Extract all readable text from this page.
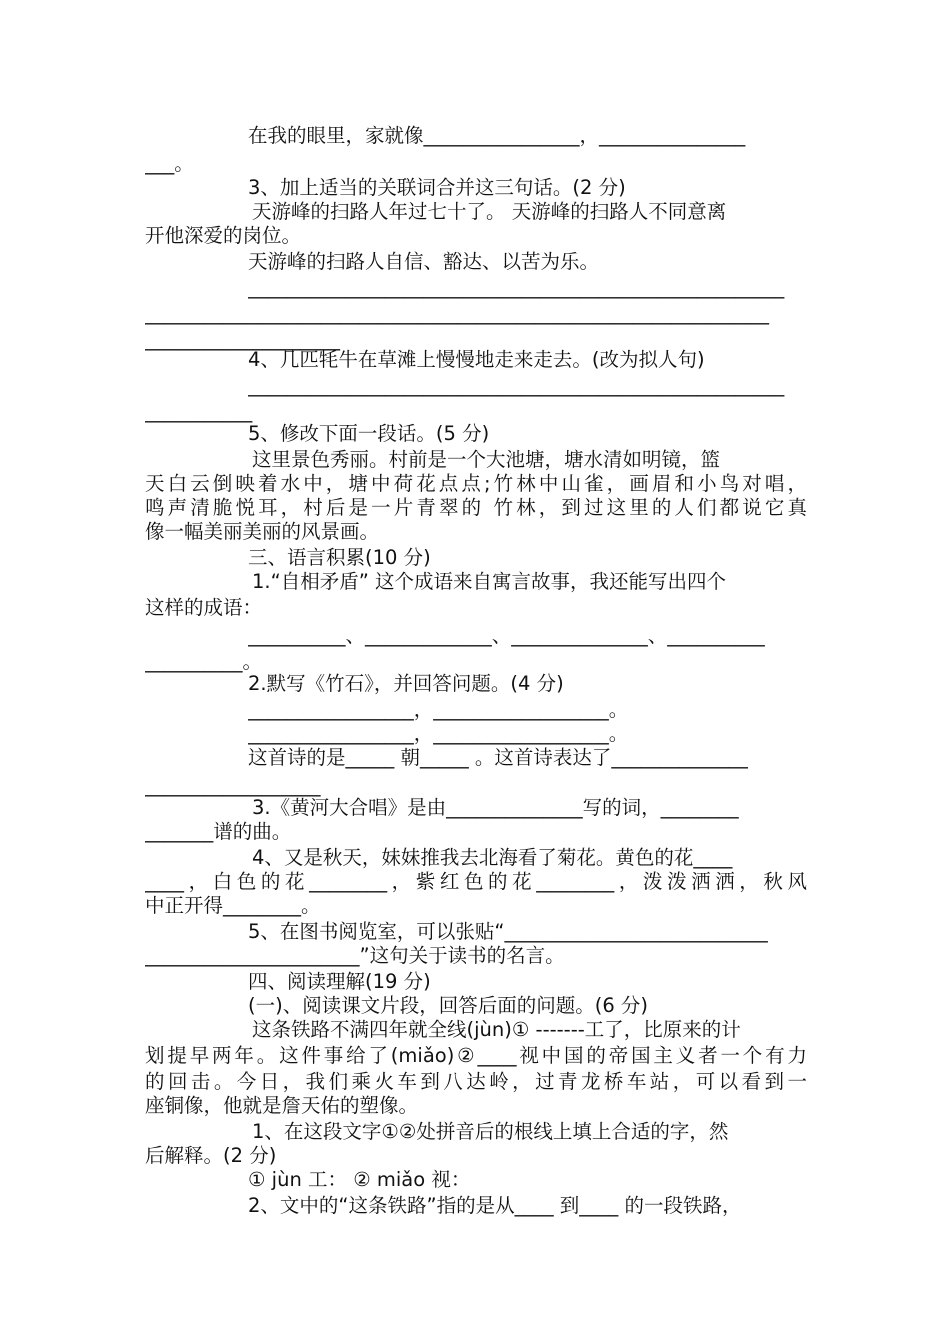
在我的眼里，家就像________________，_______________
___。
3、加上适当的关联词合并这三句话。(2 分)
天游峰的扫路人年过七十了。 天游峰的扫路人不同意离
开他深爱的岗位。
天游峰的扫路人自信、豁达、以苦为乐。
_______________________________________________________
________________________________________________________________
____________________
4、几匹牦牛在草滩上慢慢地走来走去。(改为拟人句)
_______________________________________________________
___________
5、修改下面一段话。(5 分)
这里景色秀丽。村前是一个大池塘，塘水清如明镜，篮
天白云倒映着水中，塘中荷花点点;竹林中山雀，画眉和小鸟对唱，
鸣声清脆悦耳，村后是一片青翠的 竹林，到过这里的人们都说它真
像一幅美丽美丽的风景画。
三、语言积累(10 分)
1.“自相矛盾” 这个成语来自寓言故事，我还能写出四个
这样的成语：
__________、_____________、______________、__________
__________。
2.默写《竹石》，并回答问题。(4 分)
_________________，__________________。
_________________，__________________。
这首诗的是_____ 朝_____ 。这首诗表达了______________
__________________
3.《黄河大合唱》是由______________写的词，________
_______谱的曲。
4、又是秋天，妹妹推我去北海看了菊花。黄色的花____
____，白色的花________，紫红色的花________，泼泼洒洒，秋风
中正开得________。
5、在图书阅览室，可以张贴“___________________________
______________________”这句关于读书的名言。
四、阅读理解(19 分)
(一)、阅读课文片段，回答后面的问题。(6 分)
这条铁路不满四年就全线(jùn)① -------工了，比原来的计
划提早两年。这件事给了(miǎo)②____视中国的帝国主义者一个有力
的回击。今日，我们乘火车到八达岭，过青龙桥车站，可以看到一
座铜像，他就是詹天佑的塑像。
1、在这段文字①②处拼音后的根线上填上合适的字，然
后解释。(2 分)
① jùn 工： ② miǎo 视：
2、文中的“这条铁路”指的是从____ 到____ 的一段铁路，
